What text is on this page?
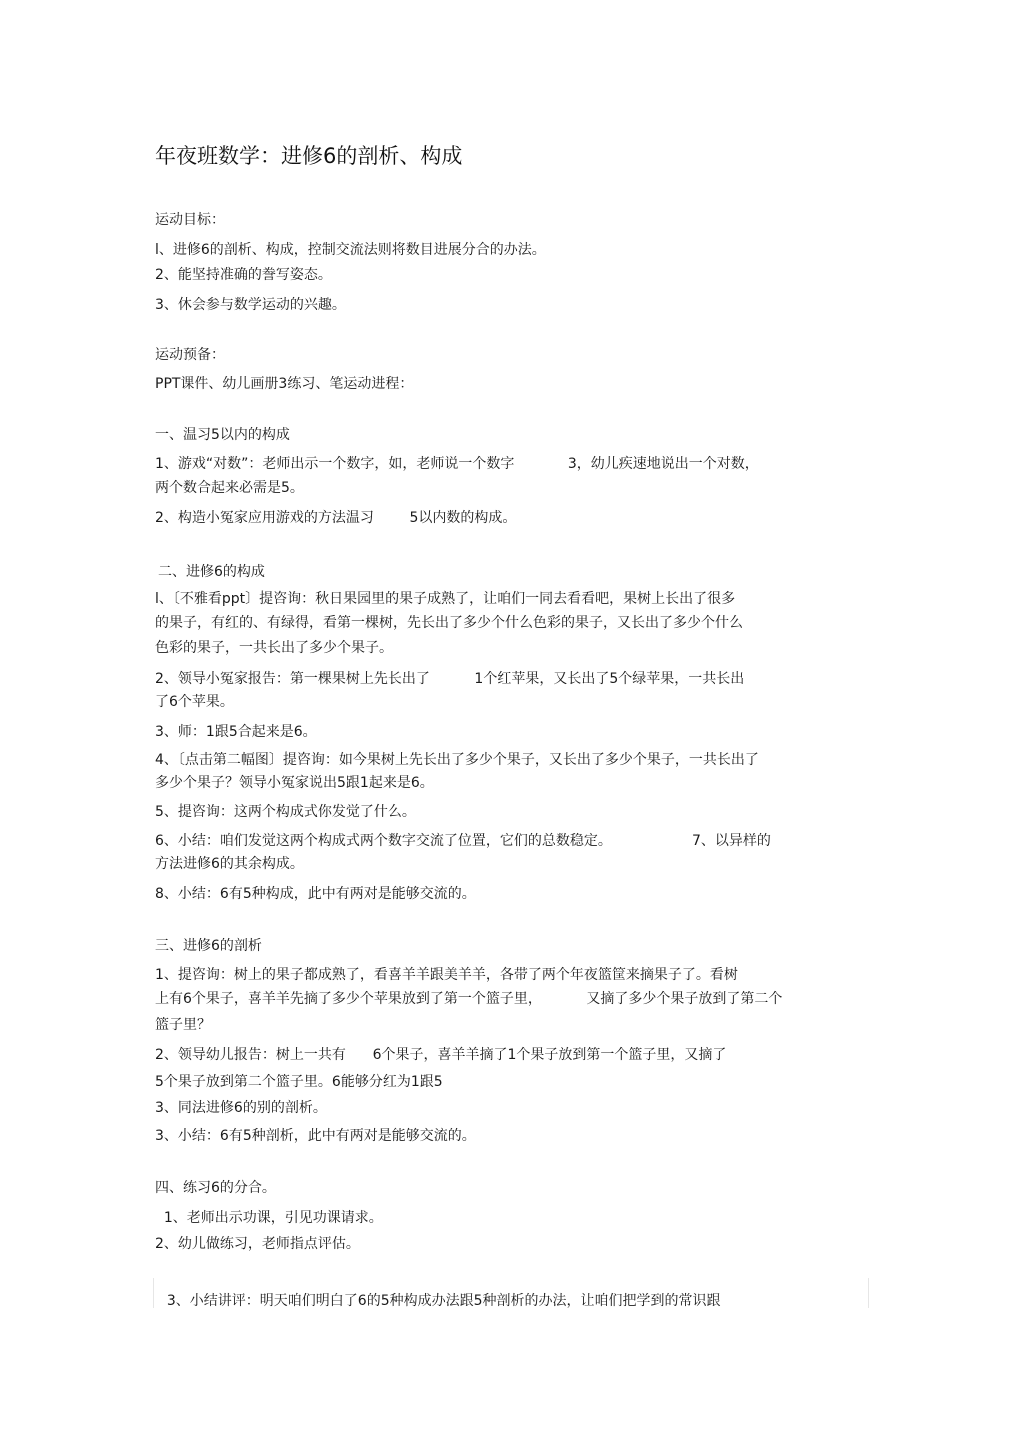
年夜班数学：进修6的剖析、构成
运动目标：
l、进修6的剖析、构成，控制交流法则将数目进展分合的办法。
2、能坚持准确的誊写姿态。
3、休会参与数学运动的兴趣。
运动预备：
PPT课件、幼儿画册3练习、笔运动进程：
一、温习5以内的构成
1、游戏“对数”：老师出示一个数字，如，老师说一个数字            3，幼儿疾速地说出一个对数，
两个数合起来必需是5。
2、构造小冤家应用游戏的方法温习        5以内数的构成。
二、进修6的构成
l、〔不雅看ppt〕提咨询：秋日果园里的果子成熟了，让咱们一同去看看吧，果树上长出了很多
的果子，有红的、有绿得，看第一棵树，先长出了多少个什么色彩的果子，又长出了多少个什么
色彩的果子，一共长出了多少个果子。
2、领导小冤家报告：第一棵果树上先长出了          1个红苹果，又长出了5个绿苹果，一共长出
了6个苹果。
3、师：1跟5合起来是6。
4、〔点击第二幅图〕提咨询：如今果树上先长出了多少个果子，又长出了多少个果子，一共长出了
多少个果子？领导小冤家说出5跟1起来是6。
5、提咨询：这两个构成式你发觉了什么。
6、小结：咱们发觉这两个构成式两个数字交流了位置，它们的总数稳定。                  7、以异样的
方法进修6的其余构成。
8、小结：6有5种构成，此中有两对是能够交流的。
三、进修6的剖析
1、提咨询：树上的果子都成熟了，看喜羊羊跟美羊羊，各带了两个年夜篮筐来摘果子了。看树
上有6个果子，喜羊羊先摘了多少个苹果放到了第一个篮子里，          又摘了多少个果子放到了第二个
篮子里？
2、领导幼儿报告：树上一共有      6个果子，喜羊羊摘了1个果子放到第一个篮子里，又摘了
5个果子放到第二个篮子里。6能够分红为1跟5
3、同法进修6的别的剖析。
3、小结：6有5种剖析，此中有两对是能够交流的。
四、练习6的分合。
1、老师出示功课，引见功课请求。
2、幼儿做练习，老师指点评估。
3、小结讲评：明天咱们明白了6的5种构成办法跟5种剖析的办法，让咱们把学到的常识跟
